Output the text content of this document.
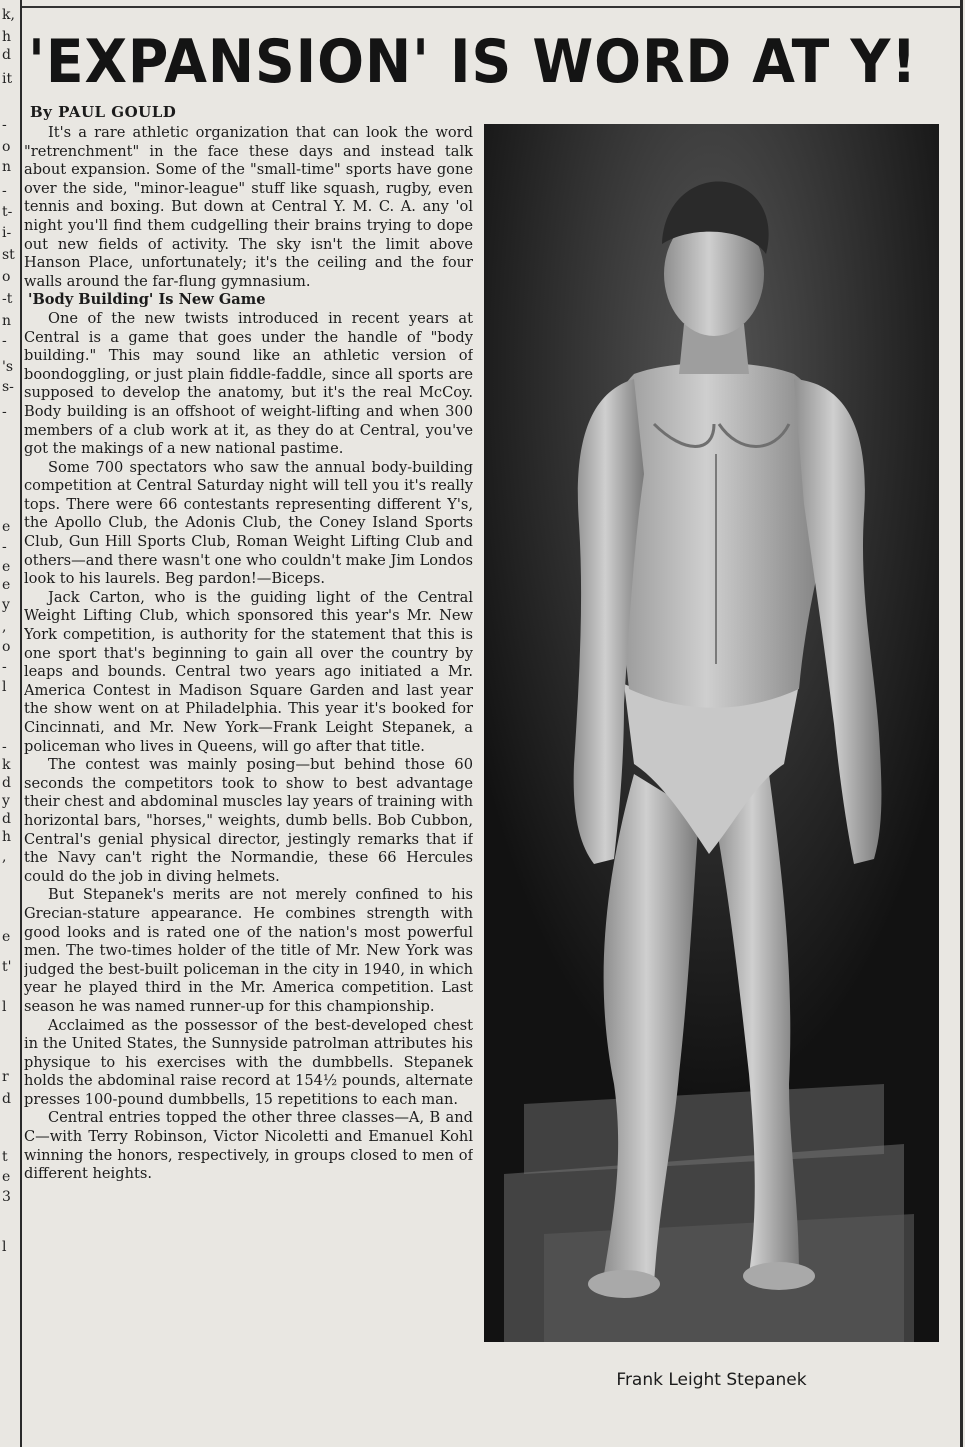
k,
h
d
it
-
o
n
-
t-
i-
st
o
-t
n
-
's
s-
-
e
-
e
e
y
,
o
-
l
-
k
d
y
d
h
,
e
t'
l
r
d
t
e
3
l
'EXPANSION' IS WORD AT Y!
By PAUL GOULD

It's a rare athletic organization that can look the word "retrenchment" in the face these days and instead talk about expansion. Some of the "small-time" sports have gone over the side, "minor-league" stuff like squash, rugby, even tennis and boxing. But down at Central Y. M. C. A. any 'ol night you'll find them cudgelling their brains trying to dope out new fields of activity. The sky isn't the limit above Hanson Place, unfortunately; it's the ceiling and the four walls around the far-flung gymnasium.

'Body Building' Is New Game

One of the new twists introduced in recent years at Central is a game that goes under the handle of "body building." This may sound like an athletic version of boondoggling, or just plain fiddle-faddle, since all sports are supposed to develop the anatomy, but it's the real McCoy. Body building is an offshoot of weight-lifting and when 300 members of a club work at it, as they do at Central, you've got the makings of a new national pastime.

Some 700 spectators who saw the annual body-building competition at Central Saturday night will tell you it's really tops. There were 66 contestants representing different Y's, the Apollo Club, the Adonis Club, the Coney Island Sports Club, Gun Hill Sports Club, Roman Weight Lifting Club and others—and there wasn't one who couldn't make Jim Londos look to his laurels. Beg pardon!—Biceps.

Jack Carton, who is the guiding light of the Central Weight Lifting Club, which sponsored this year's Mr. New York competition, is authority for the statement that this is one sport that's beginning to gain all over the country by leaps and bounds. Central two years ago initiated a Mr. America Contest in Madison Square Garden and last year the show went on at Philadelphia. This year it's booked for Cincinnati, and Mr. New York—Frank Leight Stepanek, a policeman who lives in Queens, will go after that title.

The contest was mainly posing—but behind those 60 seconds the competitors took to show to best advantage their chest and abdominal muscles lay years of training with horizontal bars, "horses," weights, dumb bells. Bob Cubbon, Central's genial physical director, jestingly remarks that if the Navy can't right the Normandie, these 66 Hercules could do the job in diving helmets.

But Stepanek's merits are not merely confined to his Grecian-stature appearance. He combines strength with good looks and is rated one of the nation's most powerful men. The two-times holder of the title of Mr. New York was judged the best-built policeman in the city in 1940, in which year he played third in the Mr. America competition. Last season he was named runner-up for this championship.

Acclaimed as the possessor of the best-developed chest in the United States, the Sunnyside patrolman attributes his physique to his exercises with the dumbbells. Stepanek holds the abdominal raise record at 154½ pounds, alternate presses 100-pound dumbbells, 15 repetitions to each man.

Central entries topped the other three classes—A, B and C—with Terry Robinson, Victor Nicoletti and Emanuel Kohl winning the honors, respectively, in groups closed to men of different heights.

Frank Leight Stepanek
